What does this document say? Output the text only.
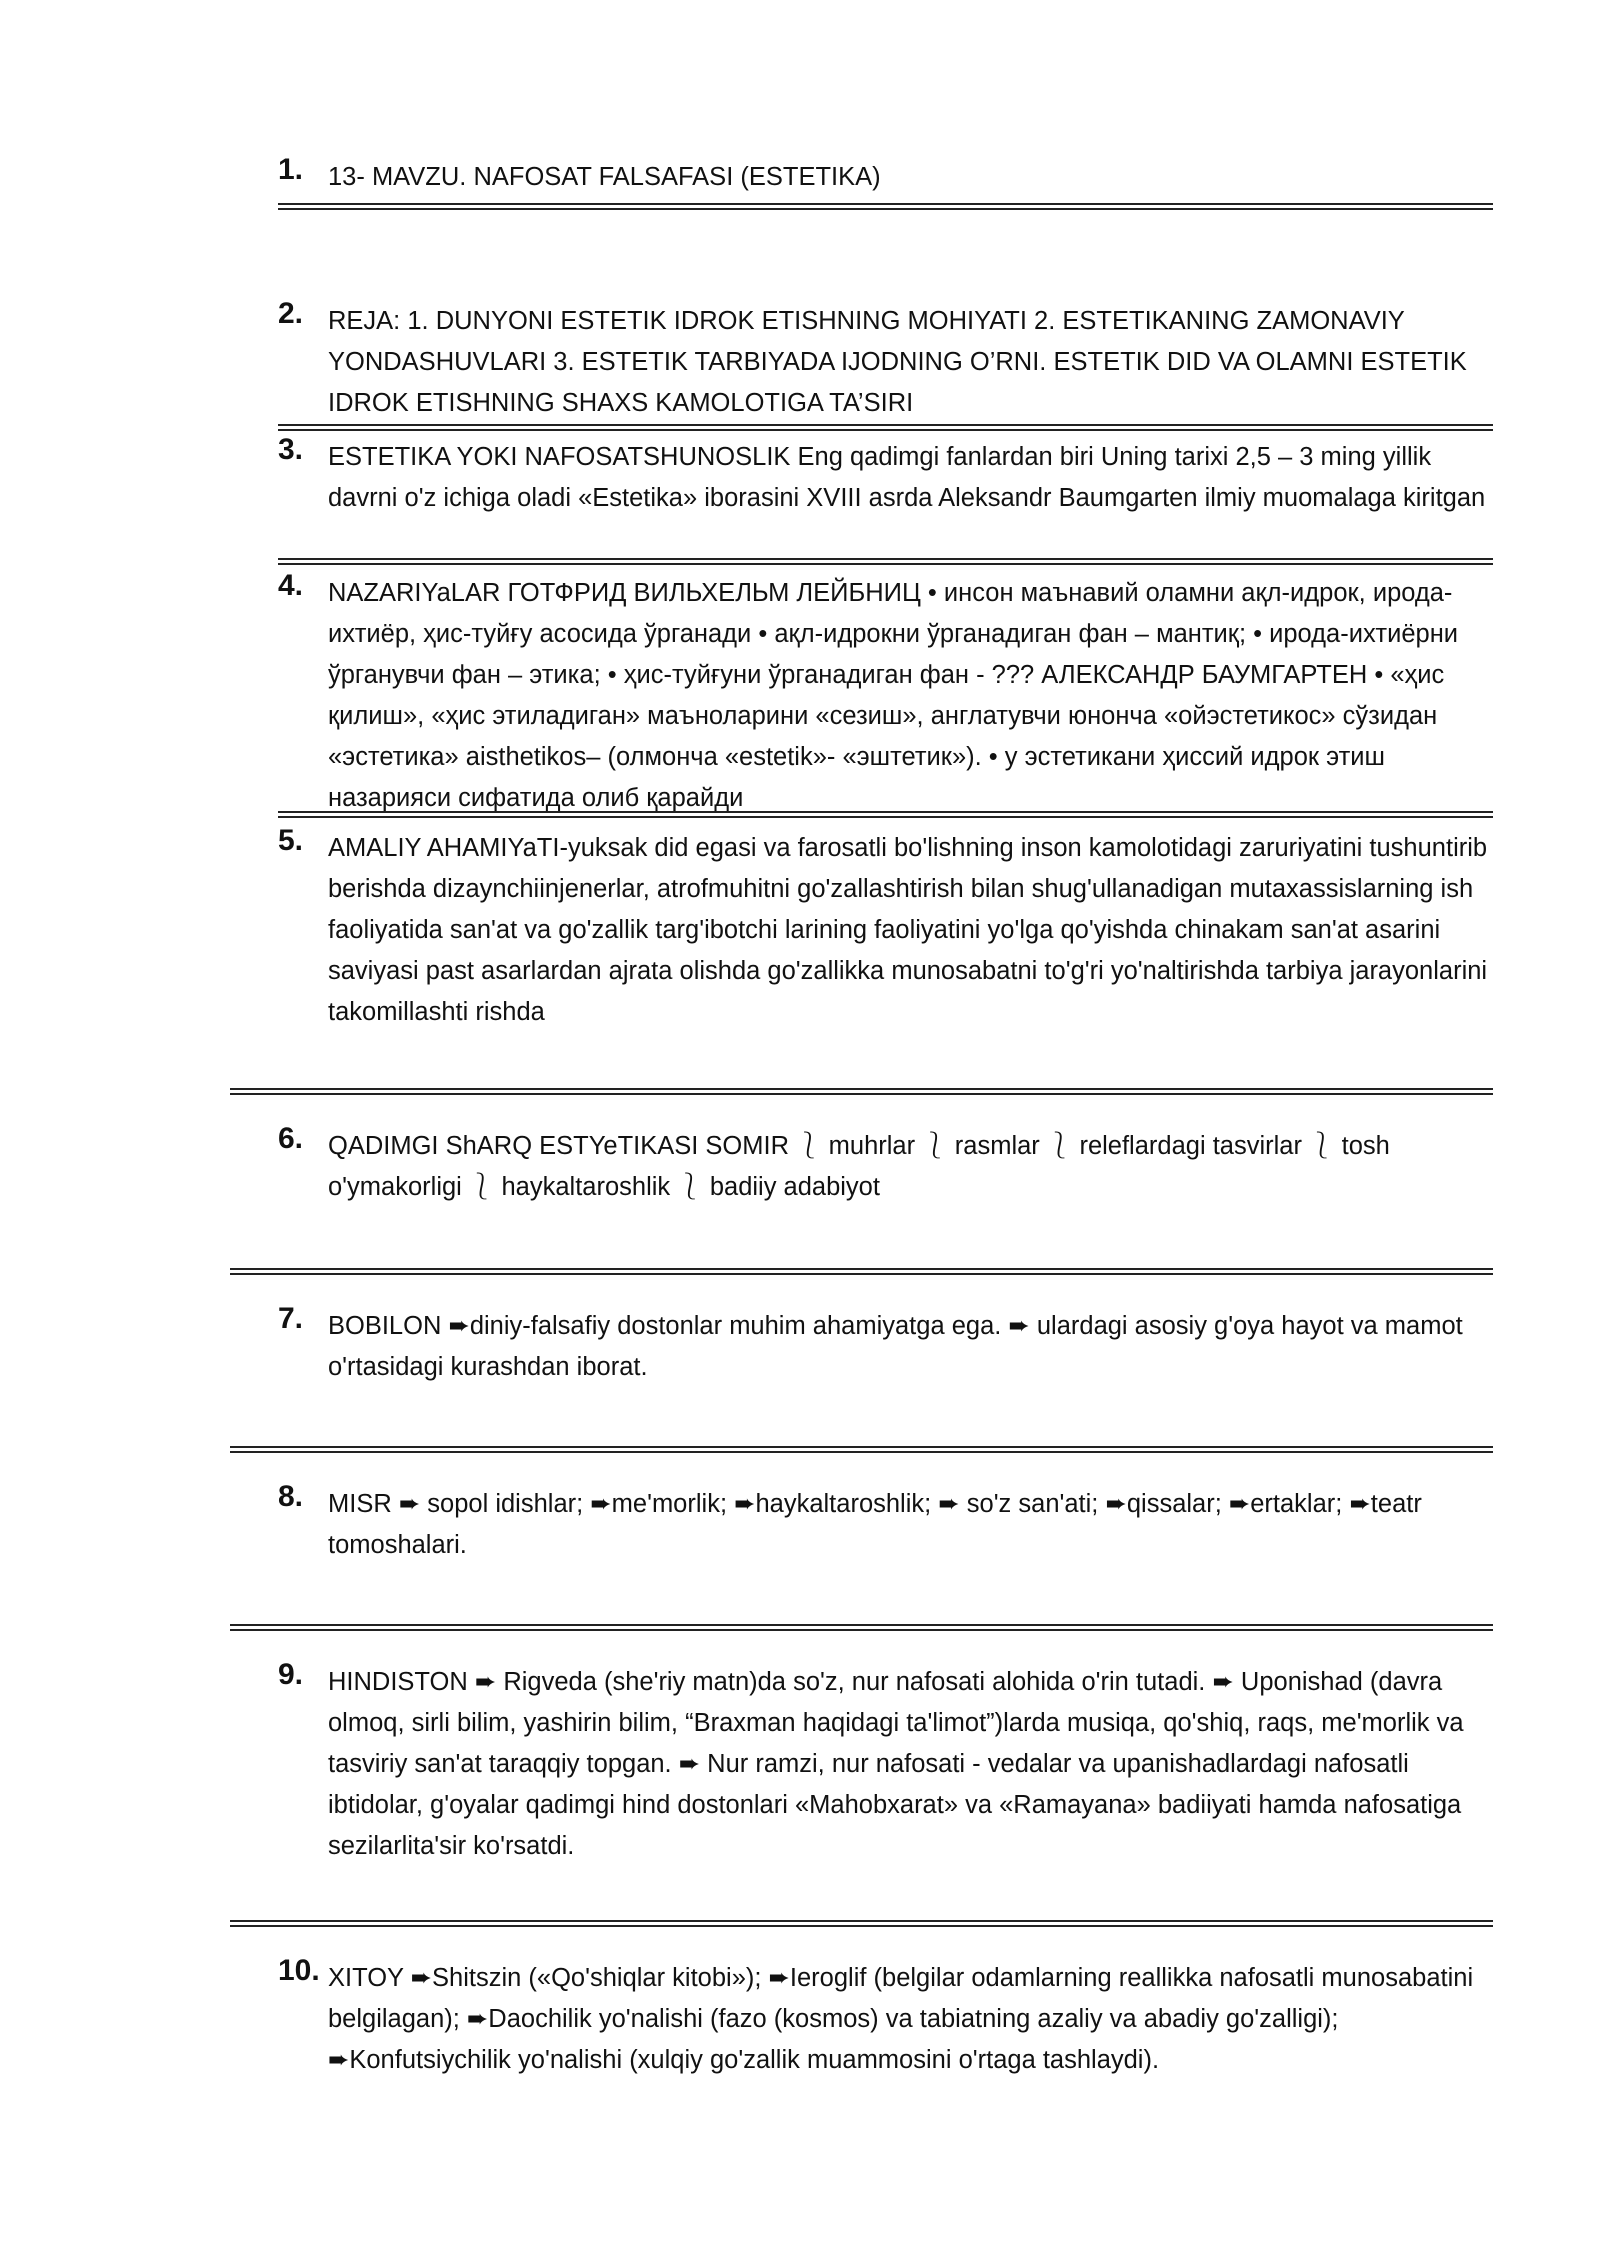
1. 13- MAVZU. NAFOSAT FALSAFASI (ESTETIKA)
2. REJA: 1. DUNYONI ESTETIK IDROK ETISHNING MOHIYATI 2. ESTETIKANING ZAMONAVIY YONDASHUVLARI 3. ESTETIK TARBIYADA IJODNING O’RNI. ESTETIK DID VA OLAMNI ESTETIK IDROK ETISHNING SHAXS KAMOLOTIGA TA’SIRI
3. ESTETIKA YOKI NAFOSATSHUNOSLIK Eng qadimgi fanlardan biri Uning tarixi 2,5 – 3 ming yillik davrni o'z ichiga oladi «Estetika» iborasini XVIII asrda Aleksandr Baumgarten ilmiy muomalaga kiritgan
4. NAZARIYaLAR ГОТФРИД ВИЛЬХЕЛЬМ ЛЕЙБНИЦ • инсон маънавий оламни ақл-идрок, ирода-ихтиёр, ҳис-туйғу асосида ўрганади • ақл-идрокни ўрганадиган фан – мантиқ; • ирода-ихтиёрни ўрганувчи фан – этика; • ҳис-туйғуни ўрганадиган фан - ??? АЛЕКСАНДР БАУМГАРТЕН • «ҳис қилиш», «ҳис этиладиган» маъноларини «сезиш», англатувчи юнонча «ойэстетикос» сўзидан «эстетика» aisthetikos– (олмонча «estetik»- «эштетик»). • у эстетикани ҳиссий идрок этиш назарияси сифатида олиб қарайди
5. AMALIY AHAMIYaTI-yuksak did egasi va farosatli bo'lishning inson kamolotidagi zaruriyatini tushuntirib berishda dizaynchiinjenerlar, atrofmuhitni go'zallashtirish bilan shug'ullanadigan mutaxassislarning ish faoliyatida san'at va go'zallik targ'ibotchi larining faoliyatini yo'lga qo'yishda chinakam san'at asarini saviyasi past asarlardan ajrata olishda go'zallikka munosabatni to'g'ri yo'naltirishda tarbiya jarayonlarini takomillashti rishda
6. QADIMGI ShARQ ESTYeTIKASI SOMIR ⎱ muhrlar ⎱ rasmlar ⎱ releflardagi tasvirlar ⎱ tosh o'ymakorligi ⎱ haykaltaroshlik ⎱ badiiy adabiyot
7. BOBILON ➨diniy-falsafiy dostonlar muhim ahamiyatga ega. ➨ ulardagi asosiy g'oya hayot va mamot o'rtasidagi kurashdan iborat.
8. MISR ➨ sopol idishlar; ➨me'morlik; ➨haykaltaroshlik; ➨ so'z san'ati; ➨qissalar; ➨ertaklar; ➨teatr tomoshalari.
9. HINDISTON ➨ Rigveda (she'riy matn)da so'z, nur nafosati alohida o'rin tutadi. ➨ Uponishad (davra olmoq, sirli bilim, yashirin bilim, “Braxman haqidagi ta'limot”)larda musiqa, qo'shiq, raqs, me'morlik va tasviriy san'at taraqqiy topgan. ➨ Nur ramzi, nur nafosati - vedalar va upanishadlardagi nafosatli ibtidolar, g'oyalar qadimgi hind dostonlari «Mahobxarat» va «Ramayana» badiiyati hamda nafosatiga sezilarlita'sir ko'rsatdi.
10. XITOY ➨Shitszin («Qo'shiqlar kitobi»); ➨Ieroglif (belgilar odamlarning reallikka nafosatli munosabatini belgilagan); ➨Daochilik yo'nalishi (fazo (kosmos) va tabiatning azaliy va abadiy go'zalligi); ➨Konfutsiychilik yo'nalishi (xulqiy go'zallik muammosini o'rtaga tashlaydi).
